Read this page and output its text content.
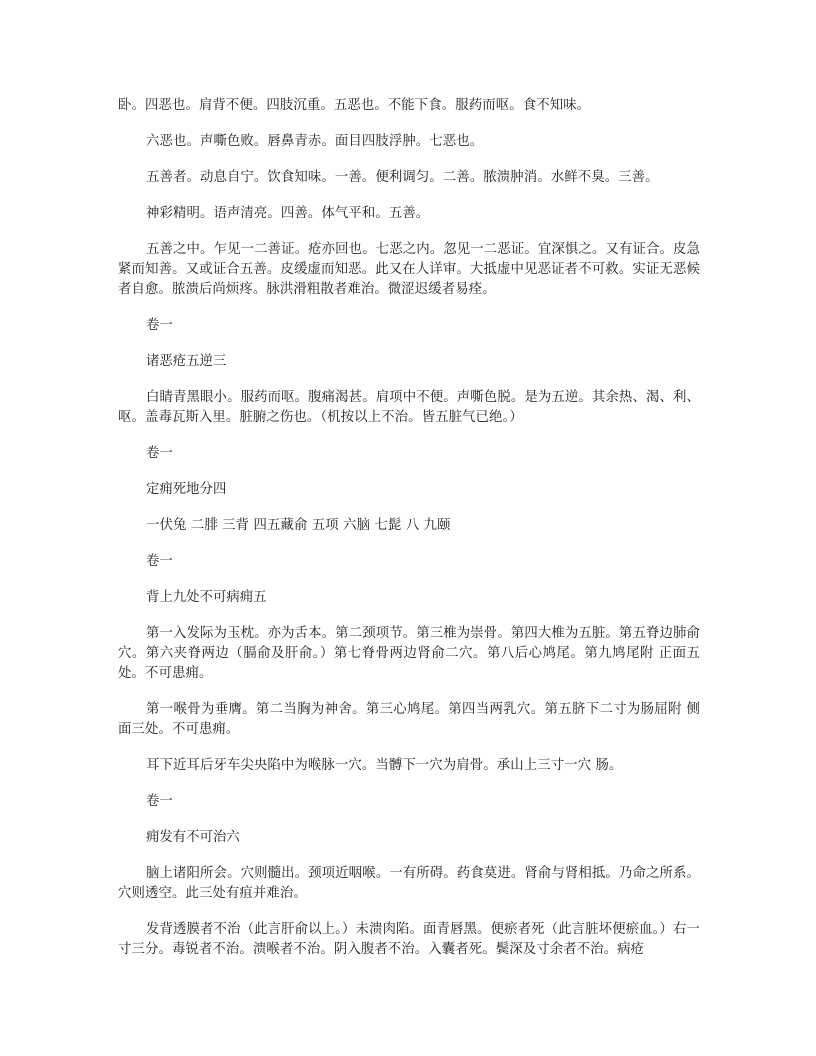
卧。四恶也。肩背不便。四肢沉重。五恶也。不能下食。服药而呕。食不知味。

六恶也。声嘶色败。唇鼻青赤。面目四肢浮肿。七恶也。

五善者。动息自宁。饮食知味。一善。便利调匀。二善。脓溃肿消。水鲜不臭。三善。

神彩精明。语声清亮。四善。体气平和。五善。

五善之中。乍见一二善证。疮亦回也。七恶之内。忽见一二恶证。宜深惧之。又有证合。皮急紧而知善。又或证合五善。皮缓虚而知恶。此又在人详审。大抵虚中见恶证者不可救。实证无恶候者自愈。脓溃后尚烦疼。脉洪滑粗散者难治。微涩迟缓者易痊。

卷一

诸恶疮五逆三

白睛青黑眼小。服药而呕。腹痛渴甚。肩项中不便。声嘶色脱。是为五逆。其余热、渴、利、呕。盖毒瓦斯入里。脏腑之伤也。（机按以上不治。皆五脏气已绝。）

卷一

定痈死地分四

一伏兔 二腓 三背 四五藏俞 五项 六脑 七髭 八 九颐

卷一

背上九处不可病痈五

第一入发际为玉枕。亦为舌本。第二颈项节。第三椎为崇骨。第四大椎为五脏。第五脊边肺俞穴。第六夹脊两边（膈俞及肝俞。）第七脊骨两边肾俞二穴。第八后心鸠尾。第九鸠尾附 正面五处。不可患痈。

第一喉骨为垂膺。第二当胸为神舍。第三心鸠尾。第四当两乳穴。第五脐下二寸为肠屈附 侧面三处。不可患痈。

耳下近耳后牙车尖央陷中为喉脉一穴。当髆下一穴为肩骨。承山上三寸一穴 肠。

卷一

痈发有不可治六

脑上诸阳所会。穴则髓出。颈项近咽喉。一有所碍。药食莫进。肾俞与肾相抵。乃命之所系。穴则透空。此三处有疽并难治。

发背透膜者不治（此言肝俞以上。）未溃肉陷。面青唇黑。便瘀者死（此言脏坏便瘀血。）右一寸三分。毒锐者不治。溃喉者不治。阴入腹者不治。入囊者死。鬓深及寸余者不治。病疮
